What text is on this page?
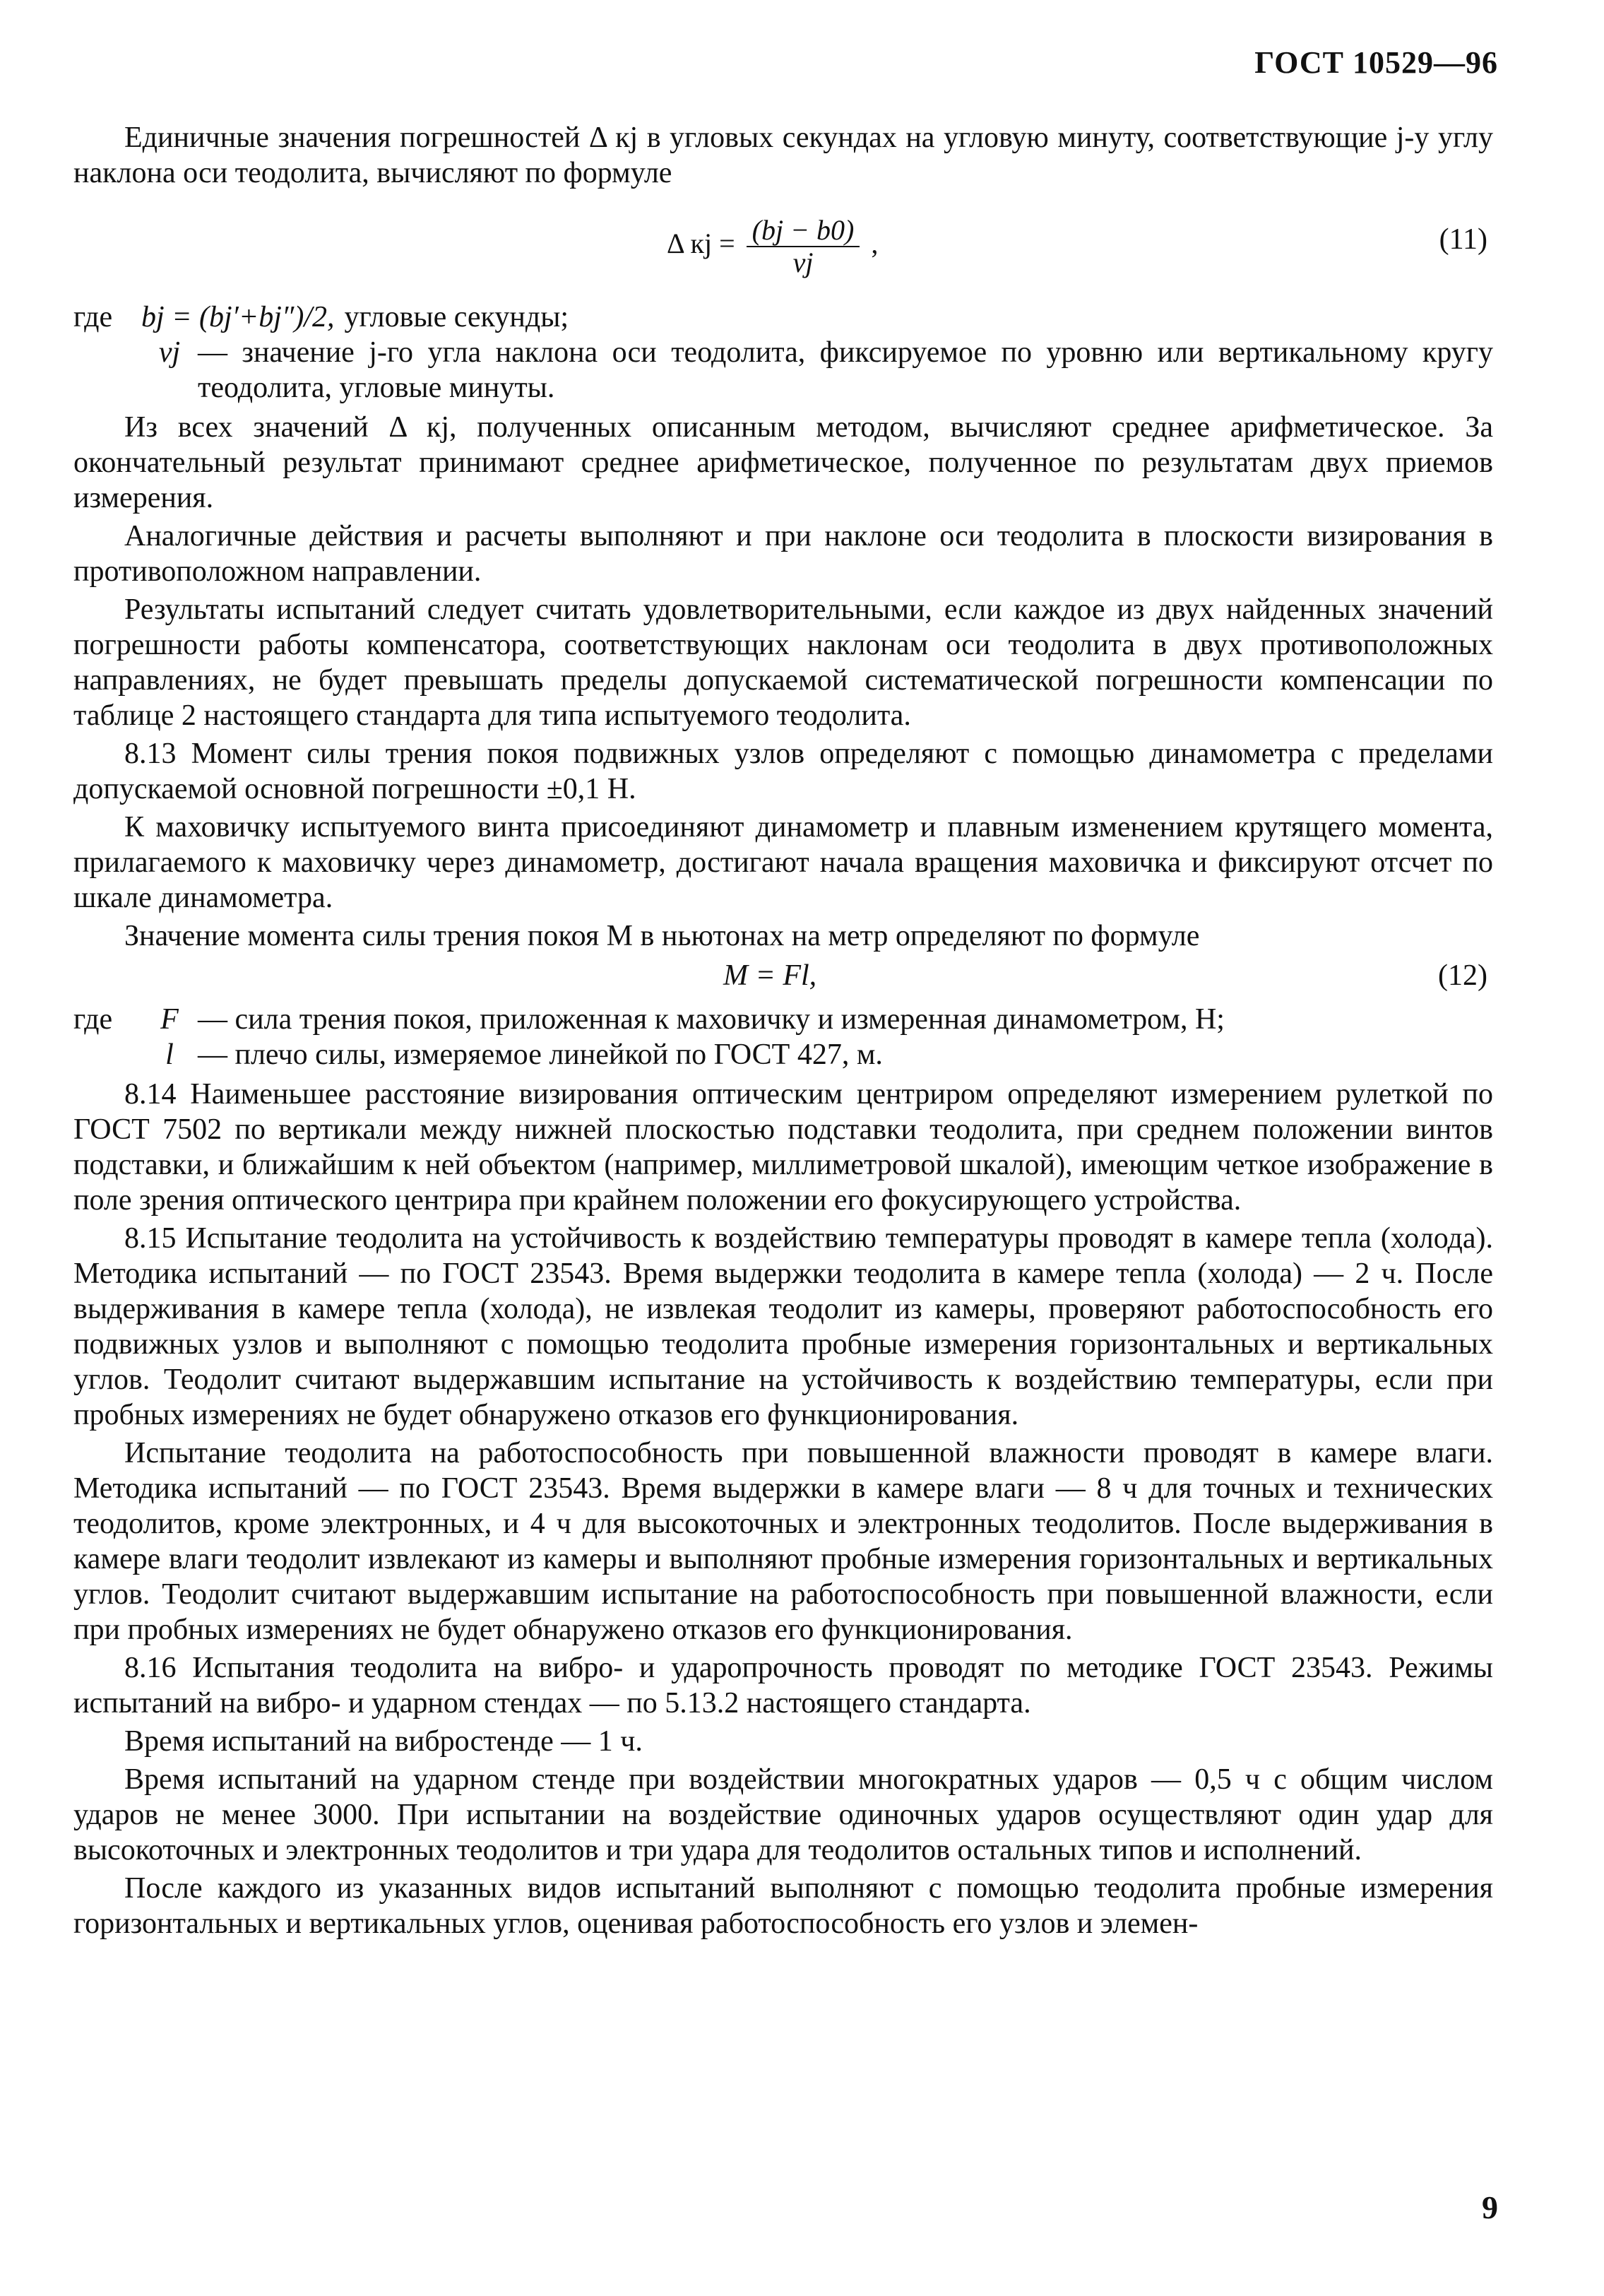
ГОСТ 10529—96

Единичные значения погрешностей Δ кj в угловых секундах на угловую минуту, соответствующие j-у углу наклона оси теодолита, вычисляют по формуле

Δ кj = $\frac{(bj - b0)}{\nu j}$ ,	(11)
где bj = (bj′+bj″)/2, угловые секунды;
νj — значение j-го угла наклона оси теодолита, фиксируемое по уровню или вертикальному кругу теодолита, угловые минуты.

Из всех значений Δ кj, полученных описанным методом, вычисляют среднее арифметическое. За окончательный результат принимают среднее арифметическое, полученное по результатам двух приемов измерения.

Аналогичные действия и расчеты выполняют и при наклоне оси теодолита в плоскости визирования в противоположном направлении.

Результаты испытаний следует считать удовлетворительными, если каждое из двух найденных значений погрешности работы компенсатора, соответствующих наклонам оси теодолита в двух противоположных направлениях, не будет превышать пределы допускаемой систематической погрешности компенсации по таблице 2 настоящего стандарта для типа испытуемого теодолита.

8.13 Момент силы трения покоя подвижных узлов определяют с помощью динамометра с пределами допускаемой основной погрешности ±0,1 Н.

К маховичку испытуемого винта присоединяют динамометр и плавным изменением крутящего момента, прилагаемого к маховичку через динамометр, достигают начала вращения маховичка и фиксируют отсчет по шкале динамометра.

Значение момента силы трения покоя M в ньютонах на метр определяют по формуле

M = Fl,	(12)
где	F — сила трения покоя, приложенная к маховичку и измеренная динамометром, Н;
l — плечо силы, измеряемое линейкой по ГОСТ 427, м.

8.14 Наименьшее расстояние визирования оптическим центриром определяют измерением рулеткой по ГОСТ 7502 по вертикали между нижней плоскостью подставки теодолита, при среднем положении винтов подставки, и ближайшим к ней объектом (например, миллиметровой шкалой), имеющим четкое изображение в поле зрения оптического центрира при крайнем положении его фокусирующего устройства.

8.15 Испытание теодолита на устойчивость к воздействию температуры проводят в камере тепла (холода). Методика испытаний — по ГОСТ 23543. Время выдержки теодолита в камере тепла (холода) — 2 ч. После выдерживания в камере тепла (холода), не извлекая теодолит из камеры, проверяют работоспособность его подвижных узлов и выполняют с помощью теодолита пробные измерения горизонтальных и вертикальных углов. Теодолит считают выдержавшим испытание на устойчивость к воздействию температуры, если при пробных измерениях не будет обнаружено отказов его функционирования.

Испытание теодолита на работоспособность при повышенной влажности проводят в камере влаги. Методика испытаний — по ГОСТ 23543. Время выдержки в камере влаги — 8 ч для точных и технических теодолитов, кроме электронных, и 4 ч для высокоточных и электронных теодолитов. После выдерживания в камере влаги теодолит извлекают из камеры и выполняют пробные измерения горизонтальных и вертикальных углов. Теодолит считают выдержавшим испытание на работоспособность при повышенной влажности, если при пробных измерениях не будет обнаружено отказов его функционирования.

8.16 Испытания теодолита на вибро- и ударопрочность проводят по методике ГОСТ 23543. Режимы испытаний на вибро- и ударном стендах — по 5.13.2 настоящего стандарта.

Время испытаний на вибростенде — 1 ч.

Время испытаний на ударном стенде при воздействии многократных ударов — 0,5 ч с общим числом ударов не менее 3000. При испытании на воздействие одиночных ударов осуществляют один удар для высокоточных и электронных теодолитов и три удара для теодолитов остальных типов и исполнений.

После каждого из указанных видов испытаний выполняют с помощью теодолита пробные измерения горизонтальных и вертикальных углов, оценивая работоспособность его узлов и элемен-

9
